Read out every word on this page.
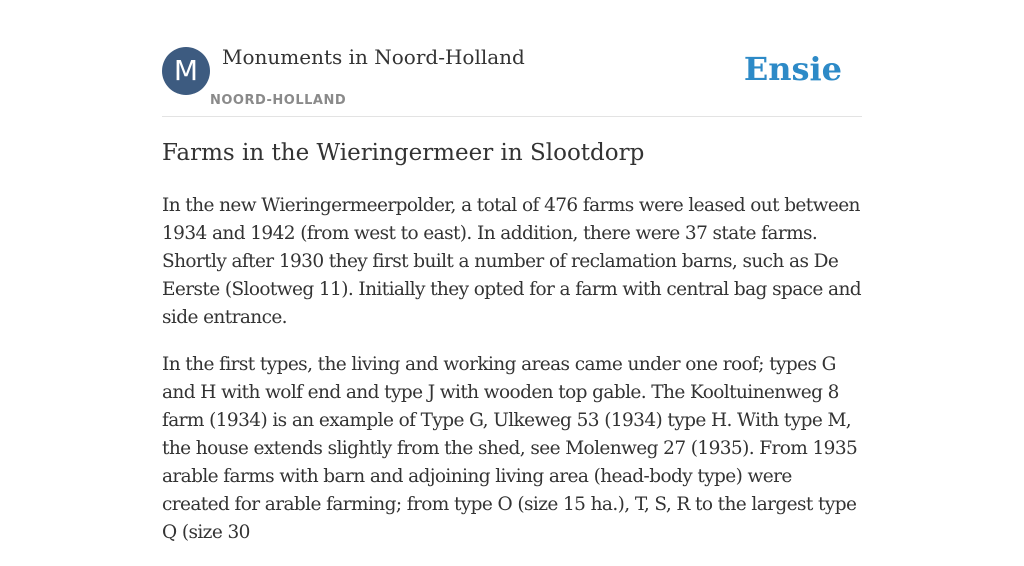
M	Monuments in Noord-Holland
NOORD-HOLLAND
Ensie
Farms in the Wieringermeer in Slootdorp

In the new Wieringermeerpolder, a total of 476 farms were leased out between 1934 and 1942 (from west to east). In addition, there were 37 state farms. Shortly after 1930 they first built a number of reclamation barns, such as De Eerste (Slootweg 11). Initially they opted for a farm with central bag space and side entrance.

In the first types, the living and working areas came under one roof; types G and H with wolf end and type J with wooden top gable. The Kooltuinenweg 8 farm (1934) is an example of Type G, Ulkeweg 53 (1934) type H. With type M, the house extends slightly from the shed, see Molenweg 27 (1935). From 1935 arable farms with barn and adjoining living area (head-body type) were created for arable farming; from type O (size 15 ha.), T, S, R to the largest type Q (size 30
